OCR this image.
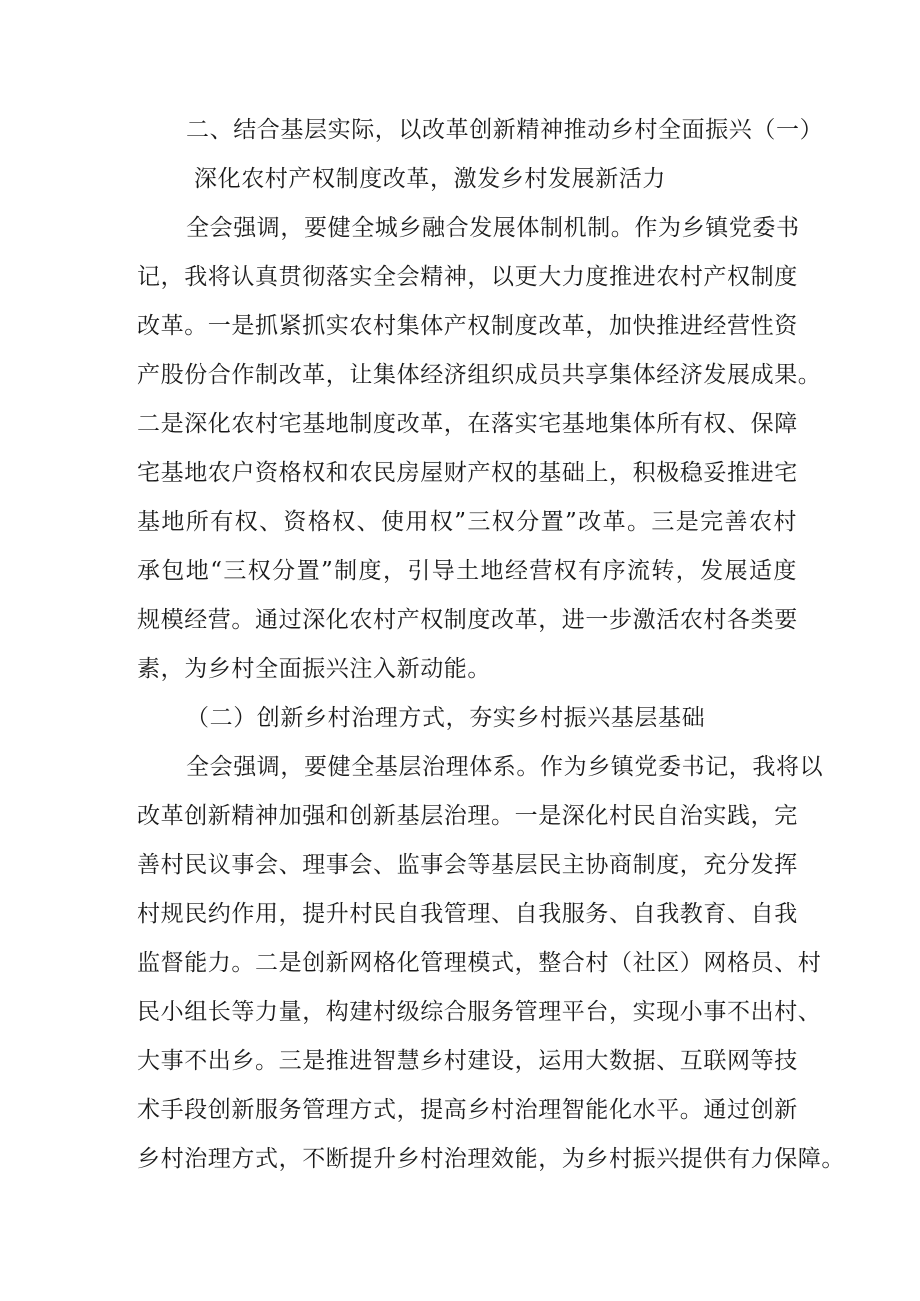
二、结合基层实际，以改革创新精神推动乡村全面振兴（一）
深化农村产权制度改革，激发乡村发展新活力
全会强调，要健全城乡融合发展体制机制。作为乡镇党委书
记，我将认真贯彻落实全会精神，以更大力度推进农村产权制度
改革。一是抓紧抓实农村集体产权制度改革，加快推进经营性资
产股份合作制改革，让集体经济组织成员共享集体经济发展成果。
二是深化农村宅基地制度改革，在落实宅基地集体所有权、保障
宅基地农户资格权和农民房屋财产权的基础上，积极稳妥推进宅
基地所有权、资格权、使用权”三权分置”改革。三是完善农村
承包地“三权分置”制度，引导土地经营权有序流转，发展适度
规模经营。通过深化农村产权制度改革，进一步激活农村各类要
素，为乡村全面振兴注入新动能。
（二）创新乡村治理方式，夯实乡村振兴基层基础
全会强调，要健全基层治理体系。作为乡镇党委书记，我将以
改革创新精神加强和创新基层治理。一是深化村民自治实践，完
善村民议事会、理事会、监事会等基层民主协商制度，充分发挥
村规民约作用，提升村民自我管理、自我服务、自我教育、自我
监督能力。二是创新网格化管理模式，整合村（社区）网格员、村
民小组长等力量，构建村级综合服务管理平台，实现小事不出村、
大事不出乡。三是推进智慧乡村建设，运用大数据、互联网等技
术手段创新服务管理方式，提高乡村治理智能化水平。通过创新
乡村治理方式，不断提升乡村治理效能，为乡村振兴提供有力保障。
